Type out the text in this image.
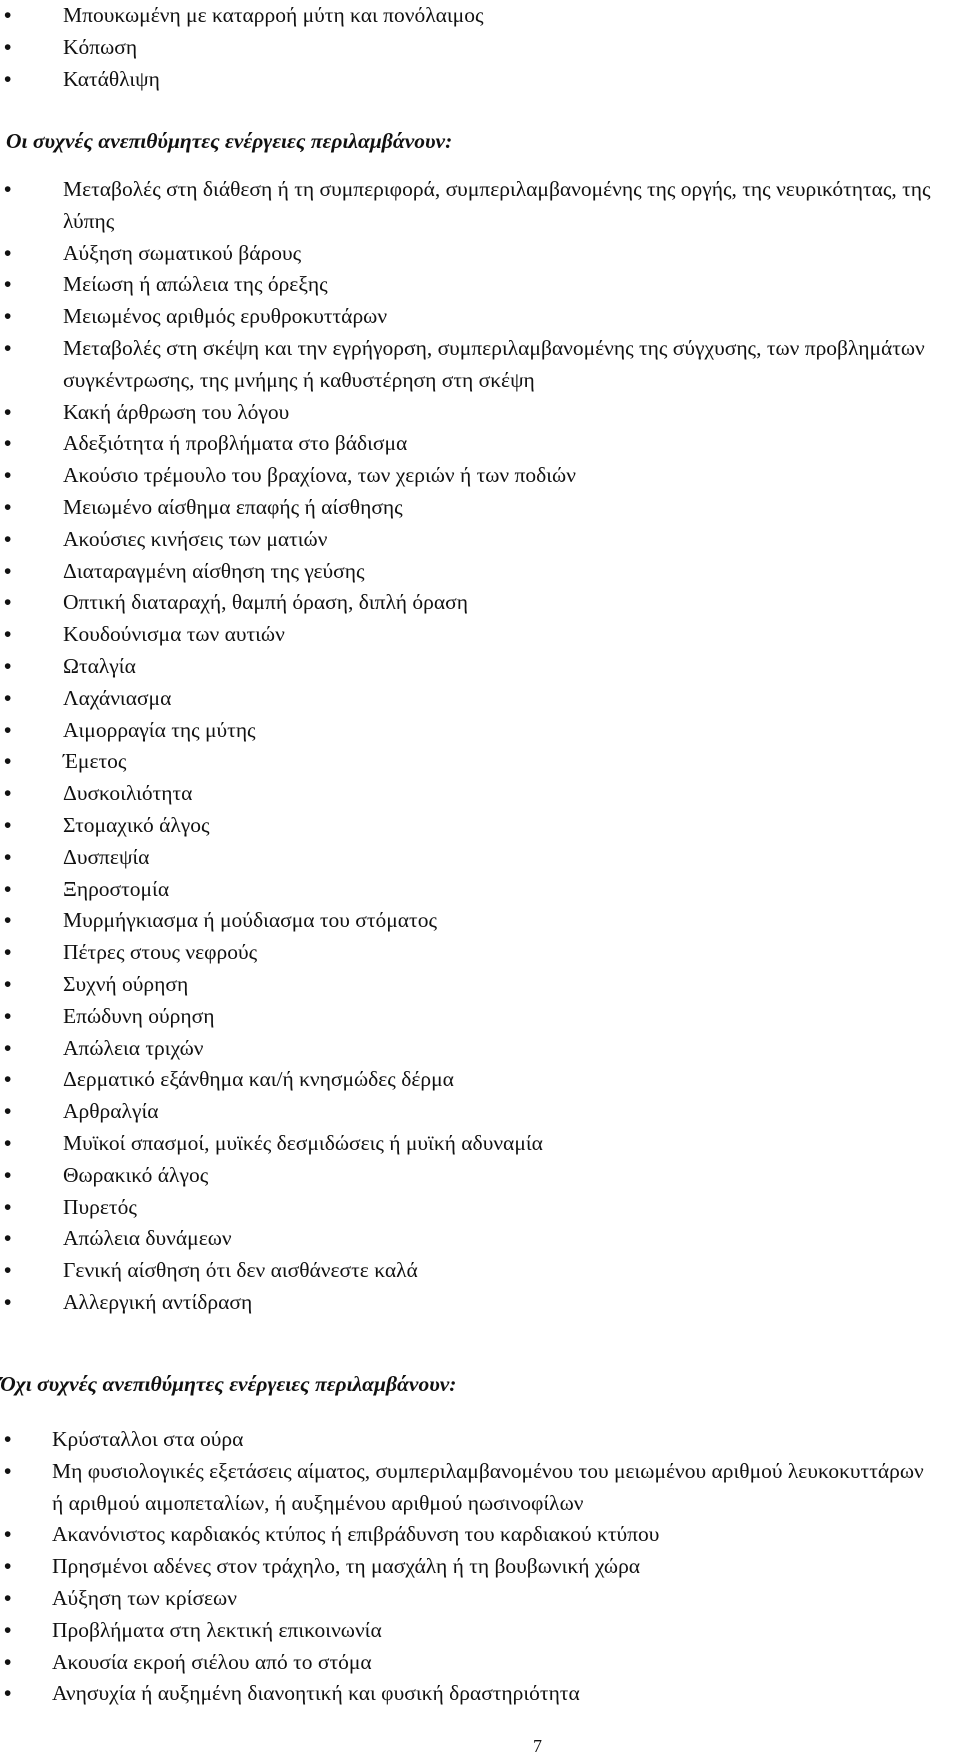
• Μπουκωμένη με καταρροή μύτη και πονόλαιμος
• Κόπωση
• Κατάθλιψη
Οι συχνές ανεπιθύμητες ενέργειες περιλαμβάνουν:
• Μεταβολές στη διάθεση ή τη συμπεριφορά, συμπεριλαμβανομένης της οργής, της νευρικότητας, της λύπης
• Αύξηση σωματικού βάρους
• Μείωση ή απώλεια της όρεξης
• Μειωμένος αριθμός ερυθροκυττάρων
• Μεταβολές στη σκέψη και την εγρήγορση, συμπεριλαμβανομένης της σύγχυσης, των προβλημάτων συγκέντρωσης, της μνήμης ή καθυστέρηση στη σκέψη
• Κακή άρθρωση του λόγου
• Αδεξιότητα ή προβλήματα στο βάδισμα
• Ακούσιο τρέμουλο του βραχίονα, των χεριών ή των ποδιών
• Μειωμένο αίσθημα επαφής ή αίσθησης
• Ακούσιες κινήσεις των ματιών
• Διαταραγμένη αίσθηση της γεύσης
• Οπτική διαταραχή, θαμπή όραση, διπλή όραση
• Κουδούνισμα των αυτιών
• Ωταλγία
• Λαχάνιασμα
• Αιμορραγία της μύτης
• Έμετος
• Δυσκοιλιότητα
• Στομαχικό άλγος
• Δυσπεψία
• Ξηροστομία
• Μυρμήγκιασμα ή μούδιασμα του στόματος
• Πέτρες στους νεφρούς
• Συχνή ούρηση
• Επώδυνη ούρηση
• Απώλεια τριχών
• Δερματικό εξάνθημα και/ή κνησμώδες δέρμα
• Αρθραλγία
• Μυϊκοί σπασμοί, μυϊκές δεσμιδώσεις ή μυϊκή αδυναμία
• Θωρακικό άλγος
• Πυρετός
• Απώλεια δυνάμεων
• Γενική αίσθηση ότι δεν αισθάνεστε καλά
• Αλλεργική αντίδραση
Όχι συχνές ανεπιθύμητες ενέργειες περιλαμβάνουν:
• Κρύσταλλοι στα ούρα
• Μη φυσιολογικές εξετάσεις αίματος, συμπεριλαμβανομένου του μειωμένου αριθμού λευκοκυττάρων ή αριθμού αιμοπεταλίων, ή αυξημένου αριθμού ηωσινοφίλων
• Ακανόνιστος καρδιακός κτύπος ή επιβράδυνση του καρδιακού κτύπου
• Πρησμένοι αδένες στον τράχηλο, τη μασχάλη ή τη βουβωνική χώρα
• Αύξηση των κρίσεων
• Προβλήματα στη λεκτική επικοινωνία
• Ακουσία εκροή σιέλου από το στόμα
• Ανησυχία ή αυξημένη διανοητική και φυσική δραστηριότητα
7
